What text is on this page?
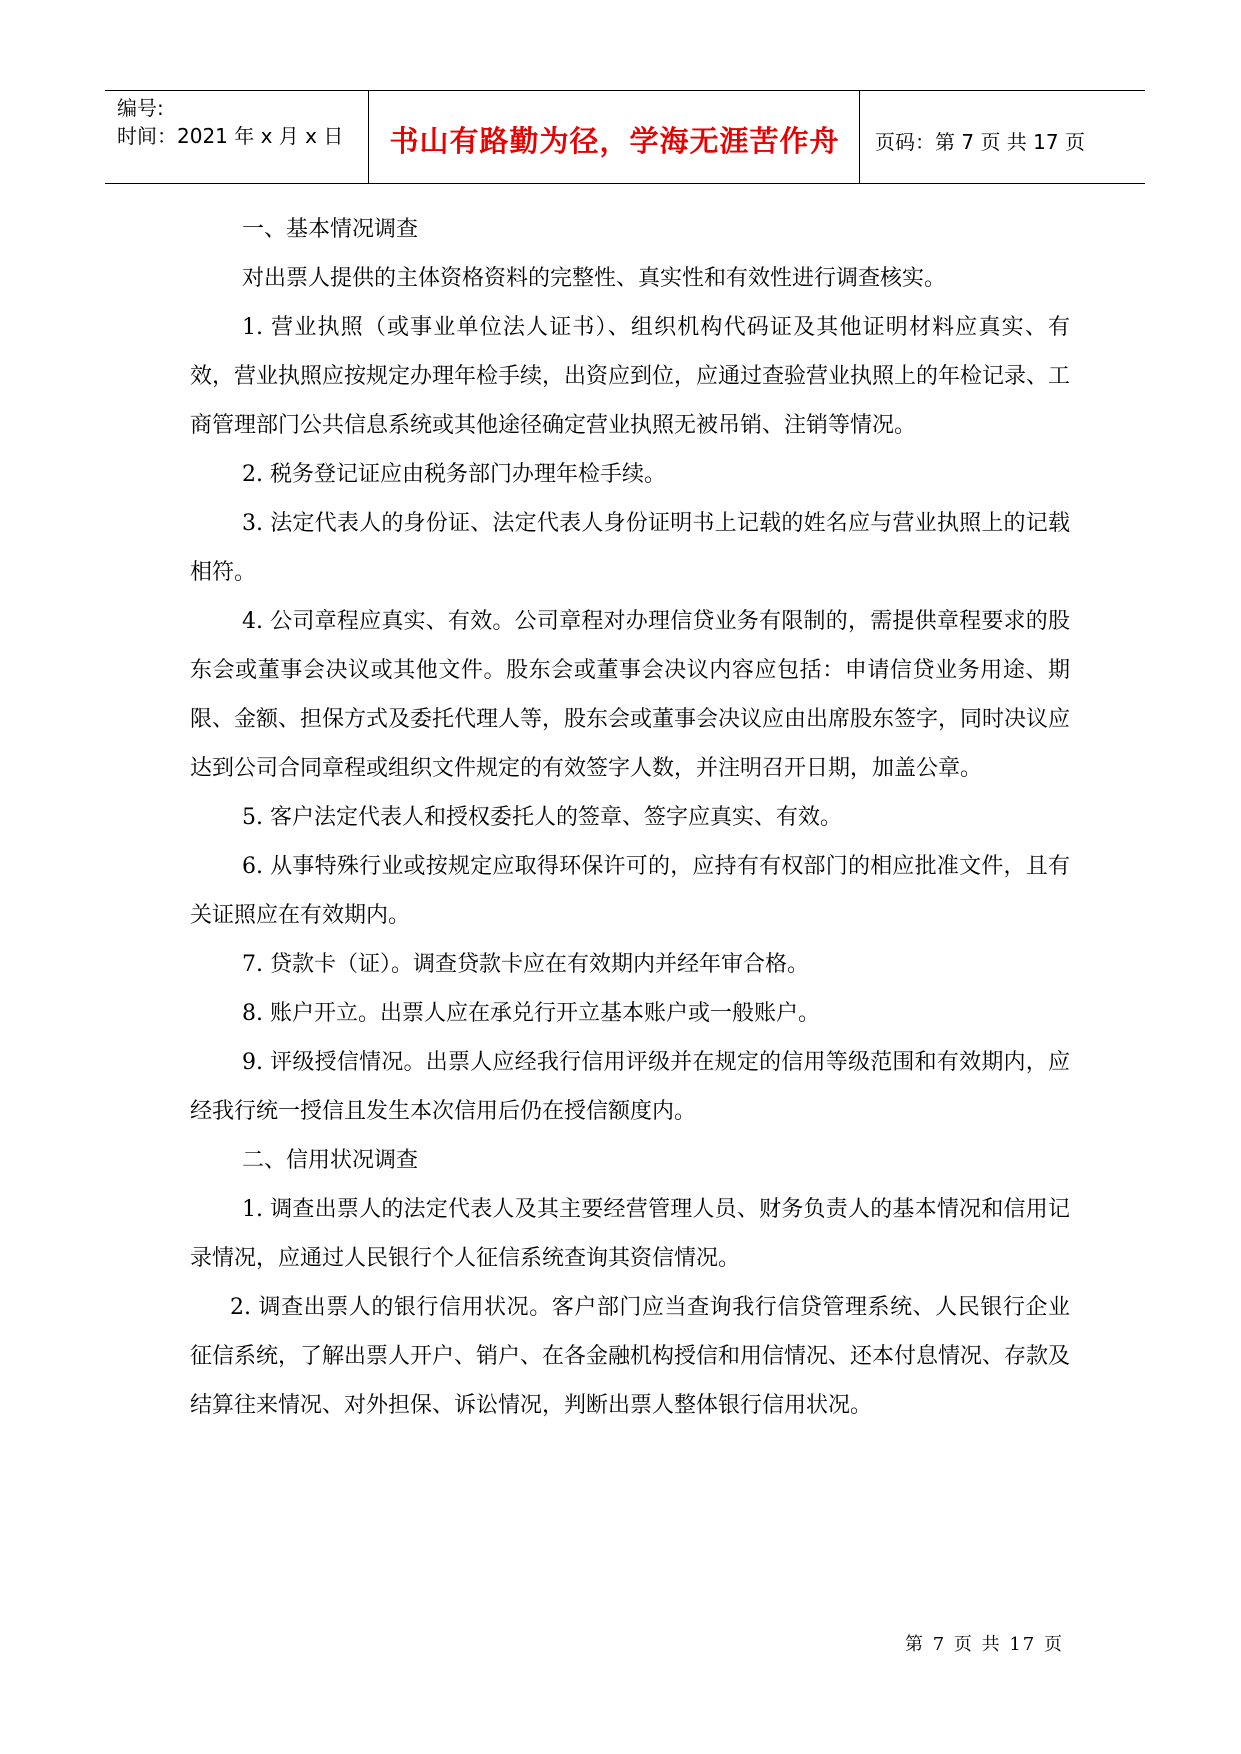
编号:
时间：2021 年 x 月 x 日	书山有路勤为径，学海无涯苦作舟	页码：第 7 页 共 17 页

一、基本情况调查

对出票人提供的主体资格资料的完整性、真实性和有效性进行调查核实。

1. 营业执照（或事业单位法人证书）、组织机构代码证及其他证明材料应真实、有效，营业执照应按规定办理年检手续，出资应到位，应通过查验营业执照上的年检记录、工商管理部门公共信息系统或其他途径确定营业执照无被吊销、注销等情况。

2. 税务登记证应由税务部门办理年检手续。

3. 法定代表人的身份证、法定代表人身份证明书上记载的姓名应与营业执照上的记载相符。

4. 公司章程应真实、有效。公司章程对办理信贷业务有限制的，需提供章程要求的股东会或董事会决议或其他文件。股东会或董事会决议内容应包括：申请信贷业务用途、期限、金额、担保方式及委托代理人等，股东会或董事会决议应由出席股东签字，同时决议应达到公司合同章程或组织文件规定的有效签字人数，并注明召开日期，加盖公章。

5. 客户法定代表人和授权委托人的签章、签字应真实、有效。

6. 从事特殊行业或按规定应取得环保许可的，应持有有权部门的相应批准文件，且有关证照应在有效期内。

7. 贷款卡（证）。调查贷款卡应在有效期内并经年审合格。

8. 账户开立。出票人应在承兑行开立基本账户或一般账户。

9. 评级授信情况。出票人应经我行信用评级并在规定的信用等级范围和有效期内，应经我行统一授信且发生本次信用后仍在授信额度内。

二、信用状况调查

1. 调查出票人的法定代表人及其主要经营管理人员、财务负责人的基本情况和信用记录情况，应通过人民银行个人征信系统查询其资信情况。

2. 调查出票人的银行信用状况。客户部门应当查询我行信贷管理系统、人民银行企业征信系统，了解出票人开户、销户、在各金融机构授信和用信情况、还本付息情况、存款及结算往来情况、对外担保、诉讼情况，判断出票人整体银行信用状况。

第 7 页 共 17 页
